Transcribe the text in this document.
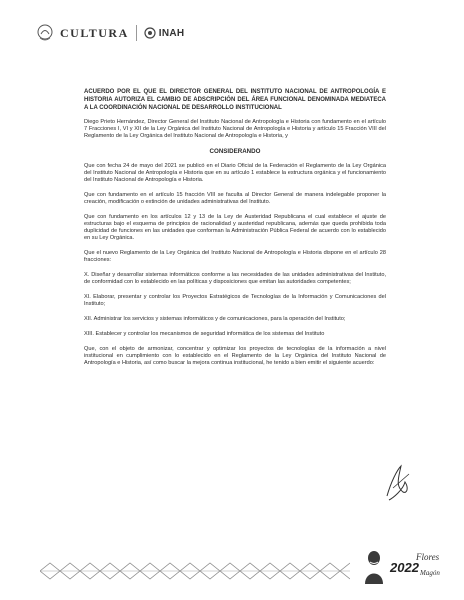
CULTURA	INAH
ACUERDO POR EL QUE EL DIRECTOR GENERAL DEL INSTITUTO NACIONAL DE ANTROPOLOGÍA E HISTORIA AUTORIZA EL CAMBIO DE ADSCRIPCIÓN DEL ÁREA FUNCIONAL DENOMINADA MEDIATECA A LA COORDINACIÓN NACIONAL DE DESARROLLO INSTITUCIONAL

Diego Prieto Hernández, Director General del Instituto Nacional de Antropología e Historia con fundamento en el artículo 7 Fracciones I, VI y XII de la Ley Orgánica del Instituto Nacional de Antropología e Historia y artículo 15 Fracción VIII del Reglamento de la Ley Orgánica del Instituto Nacional de Antropología e Historia, y

CONSIDERANDO

Que con fecha 24 de mayo del 2021 se publicó en el Diario Oficial de la Federación el Reglamento de la Ley Orgánica del Instituto Nacional de Antropología e Historia que en su artículo 1 establece la estructura orgánica y el funcionamiento del Instituto Nacional de Antropología e Historia.

Que con fundamento en el artículo 15 fracción VIII se faculta al Director General de manera indelegable proponer la creación, modificación o extinción de unidades administrativas del Instituto.

Que con fundamento en los artículos 12 y 13 de la Ley de Austeridad Republicana el cual establece el ajuste de estructuras bajo el esquema de principios de racionalidad y austeridad republicana, además que queda prohibida toda duplicidad de funciones en las unidades que conforman la Administración Pública Federal de acuerdo con lo establecido en su Ley Orgánica.

Que el nuevo Reglamento de la Ley Orgánica del Instituto Nacional de Antropología e Historia dispone en el artículo 28 fracciones:

X. Diseñar y desarrollar sistemas informáticos conforme a las necesidades de las unidades administrativas del Instituto, de conformidad con lo establecido en las políticas y disposiciones que emitan las autoridades competentes;

XI. Elaborar, presentar y controlar los Proyectos Estratégicos de Tecnologías de la Información y Comunicaciones del Instituto;

XII. Administrar los servicios y sistemas informáticos y de comunicaciones, para la operación del Instituto;

XIII. Establecer y controlar los mecanismos de seguridad informática de los sistemas del Instituto

Que, con el objeto de armonizar, concentrar y optimizar los proyectos de tecnologías de la información a nivel institucional en cumplimiento con lo establecido en el Reglamento de la Ley Orgánica del Instituto Nacional de Antropología e Historia, así como buscar la mejora continua institucional, he tenido a bien emitir el siguiente acuerdo:

Flores
2022 Magón
